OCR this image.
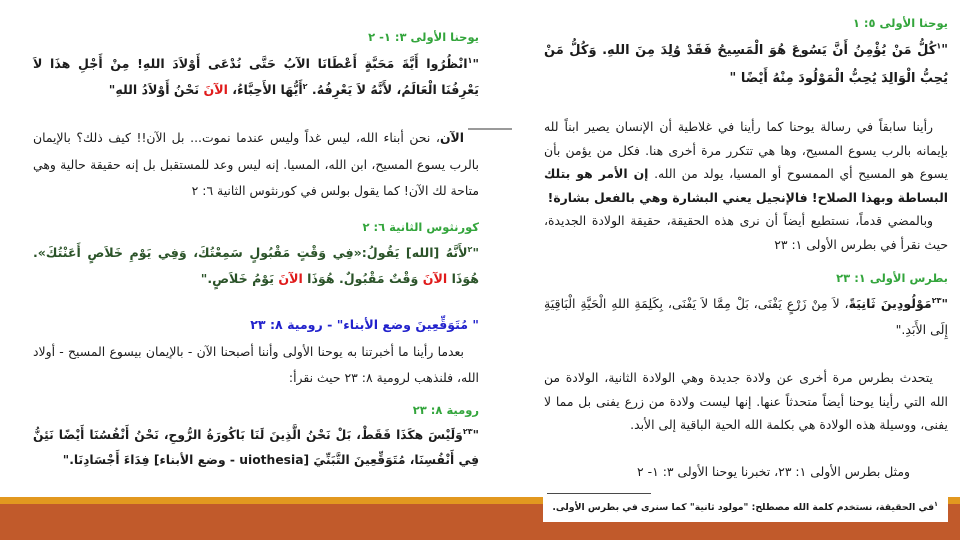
يوحنا الأولى ٥: ١

"$^١$كُلُّ مَنْ يُؤْمِنُ أَنَّ يَسُوعَ هُوَ الْمَسِيحُ فَقَدْ وُلِدَ مِنَ اللهِ. وَكُلُّ مَنْ يُحِبُّ الْوَالِدَ يُحِبُّ الْمَوْلُودَ مِنْهُ أَيْضًا "

رأينا سابقاً في رسالة يوحنا كما رأينا في غلاطية أن الإنسان يصير ابناً لله بإيمانه بالرب يسوع المسيح، وها هي تتكرر مرة أخرى هنا. فكل من يؤمن بأن يسوع هو المسيح أي الممسوح أو المسيا، يولد من الله. إن الأمر هو بتلك البساطة وبهذا الصلاح! فالإنجيل يعني البشارة وهي بالفعل بشارة!

وبالمضي قدماً، نستطيع أيضاً أن نرى هذه الحقيقة، حقيقة الولادة الجديدة، حيث نقرأ في بطرس الأولى ١: ٢٣

بطرس الأولى ١: ٢٣

"$^{٢٣}$مَوْلُودِينَ ثَانِيَةً، لاَ مِنْ زَرْعٍ يَفْنَى، بَلْ مِمَّا لاَ يَفْنَى، بِكَلِمَةِ اللهِ الْحَيَّةِ الْبَاقِيَةِ إِلَى الأَبَدِ."

يتحدث بطرس مرة أخرى عن ولادة جديدة وهي الولادة الثانية، الولادة من الله التي رأينا يوحنا أيضاً متحدثاً عنها. إنها ليست ولادة من زرع يفنى بل مما لا يفنى، ووسيلة هذه الولادة هي بكلمة الله الحية الباقية إلى الأبد.

ومثل بطرس الأولى ١: ٢٣، تخبرنا يوحنا الأولى ٣: ١- ٢

يوحنا الأولى ٣: ١- ٢

"$^١$انْظُرُوا أَيَّةَ مَحَبَّةٍ أَعْطَانَا الآبُ حَتَّى نُدْعَى أَوْلاَدَ اللهِ! مِنْ أَجْلِ هذَا لاَ يَعْرِفُنَا الْعَالَمُ، لأَنَّهُ لاَ يَعْرِفُهُ. $^٢$أَيُّهَا الأَحِبَّاءُ، الآنَ نَحْنُ أَوْلاَدُ اللهِ"

الآن، نحن أبناء الله، ليس غداً وليس عندما نموت... بل الآن!! كيف ذلك؟ بالإيمان بالرب يسوع المسيح، ابن الله، المسيا. إنه ليس وعد للمستقبل بل إنه حقيقة حالية وهي متاحة لك الآن! كما يقول بولس في كورنثوس الثانية ٦: ٢

كورنثوس الثانية ٦: ٢

"$^٢$لأَنَّهُ [الله] يَقُولُ:«فِي وَقْتٍ مَقْبُولٍ سَمِعْتُكَ، وَفِي يَوْمِ خَلاَصٍ أَعَنْتُكَ». هُوَذَا الآنَ وَقْتٌ مَقْبُولٌ. هُوَذَا الآنَ يَوْمُ خَلاَصٍ."

" مُتَوَقِّعِينَ وضع الأبناء" - رومية ٨: ٢٣

بعدما رأينا ما أخبرتنا به يوحنا الأولى وأننا أصبحنا الآن - بالإيمان بيسوع المسيح - أولاد الله، فلنذهب لرومية ٨: ٢٣ حيث نقرأ:

رومية ٨: ٢٣

"$^{٢٣}$وَلَيْسَ هكَذَا فَقَطْ، بَلْ نَحْنُ الَّذِينَ لَنَا بَاكُورَةُ الرُّوحِ، نَحْنُ أَنْفُسُنَا أَيْضًا نَئِنُّ فِي أَنْفُسِنَا، مُتَوَقِّعِينَ التَّبَنِّيَ [uiothesia - وضع الأبناء] فِدَاءَ أَجْسَادِنَا."

$^١$في الحقيقة، نستخدم كلمة الله مصطلح: "مولود ثانية" كما سنرى في بطرس الأولى.
